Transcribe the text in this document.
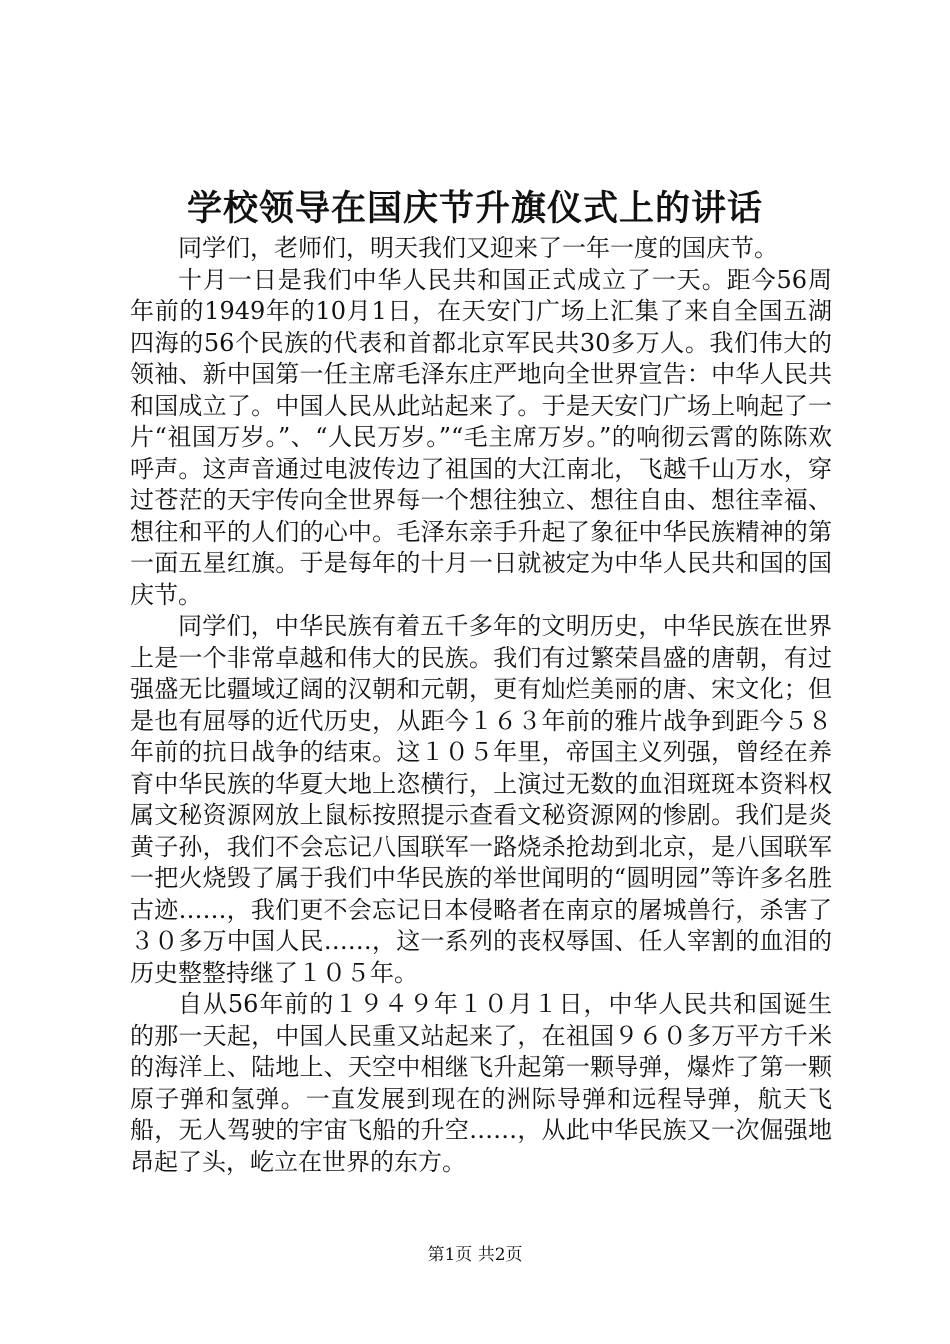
学校领导在国庆节升旗仪式上的讲话

同学们，老师们，明天我们又迎来了一年一度的国庆节。

十月一日是我们中华人民共和国正式成立了一天。距今56周年前的1949年的10月1日，在天安门广场上汇集了来自全国五湖四海的56个民族的代表和首都北京军民共30多万人。我们伟大的领袖、新中国第一任主席毛泽东庄严地向全世界宣告：中华人民共和国成立了。中国人民从此站起来了。于是天安门广场上响起了一片“祖国万岁。”、“人民万岁。”“毛主席万岁。”的响彻云霄的陈陈欢呼声。这声音通过电波传边了祖国的大江南北，飞越千山万水，穿过苍茫的天宇传向全世界每一个想往独立、想往自由、想往幸福、想往和平的人们的心中。毛泽东亲手升起了象征中华民族精神的第一面五星红旗。于是每年的十月一日就被定为中华人民共和国的国庆节。

同学们，中华民族有着五千多年的文明历史，中华民族在世界上是一个非常卓越和伟大的民族。我们有过繁荣昌盛的唐朝，有过强盛无比疆域辽阔的汉朝和元朝，更有灿烂美丽的唐、宋文化；但是也有屈辱的近代历史，从距今１６３年前的雅片战争到距今５８年前的抗日战争的结束。这１０５年里，帝国主义列强，曾经在养育中华民族的华夏大地上恣横行，上演过无数的血泪斑斑本资料权属文秘资源网放上鼠标按照提示查看文秘资源网的惨剧。我们是炎黄子孙，我们不会忘记八国联军一路烧杀抢劫到北京，是八国联军一把火烧毁了属于我们中华民族的举世闻明的“圆明园”等许多名胜古迹……，我们更不会忘记日本侵略者在南京的屠城兽行，杀害了３０多万中国人民……，这一系列的丧权辱国、任人宰割的血泪的历史整整持继了１０５年。

自从56年前的１９４９年１０月１日，中华人民共和国诞生的那一天起，中国人民重又站起来了，在祖国９６０多万平方千米的海洋上、陆地上、天空中相继飞升起第一颗导弹，爆炸了第一颗原子弹和氢弹。一直发展到现在的洲际导弹和远程导弹，航天飞船，无人驾驶的宇宙飞船的升空……，从此中华民族又一次倔强地昂起了头，屹立在世界的东方。

第1页 共2页
